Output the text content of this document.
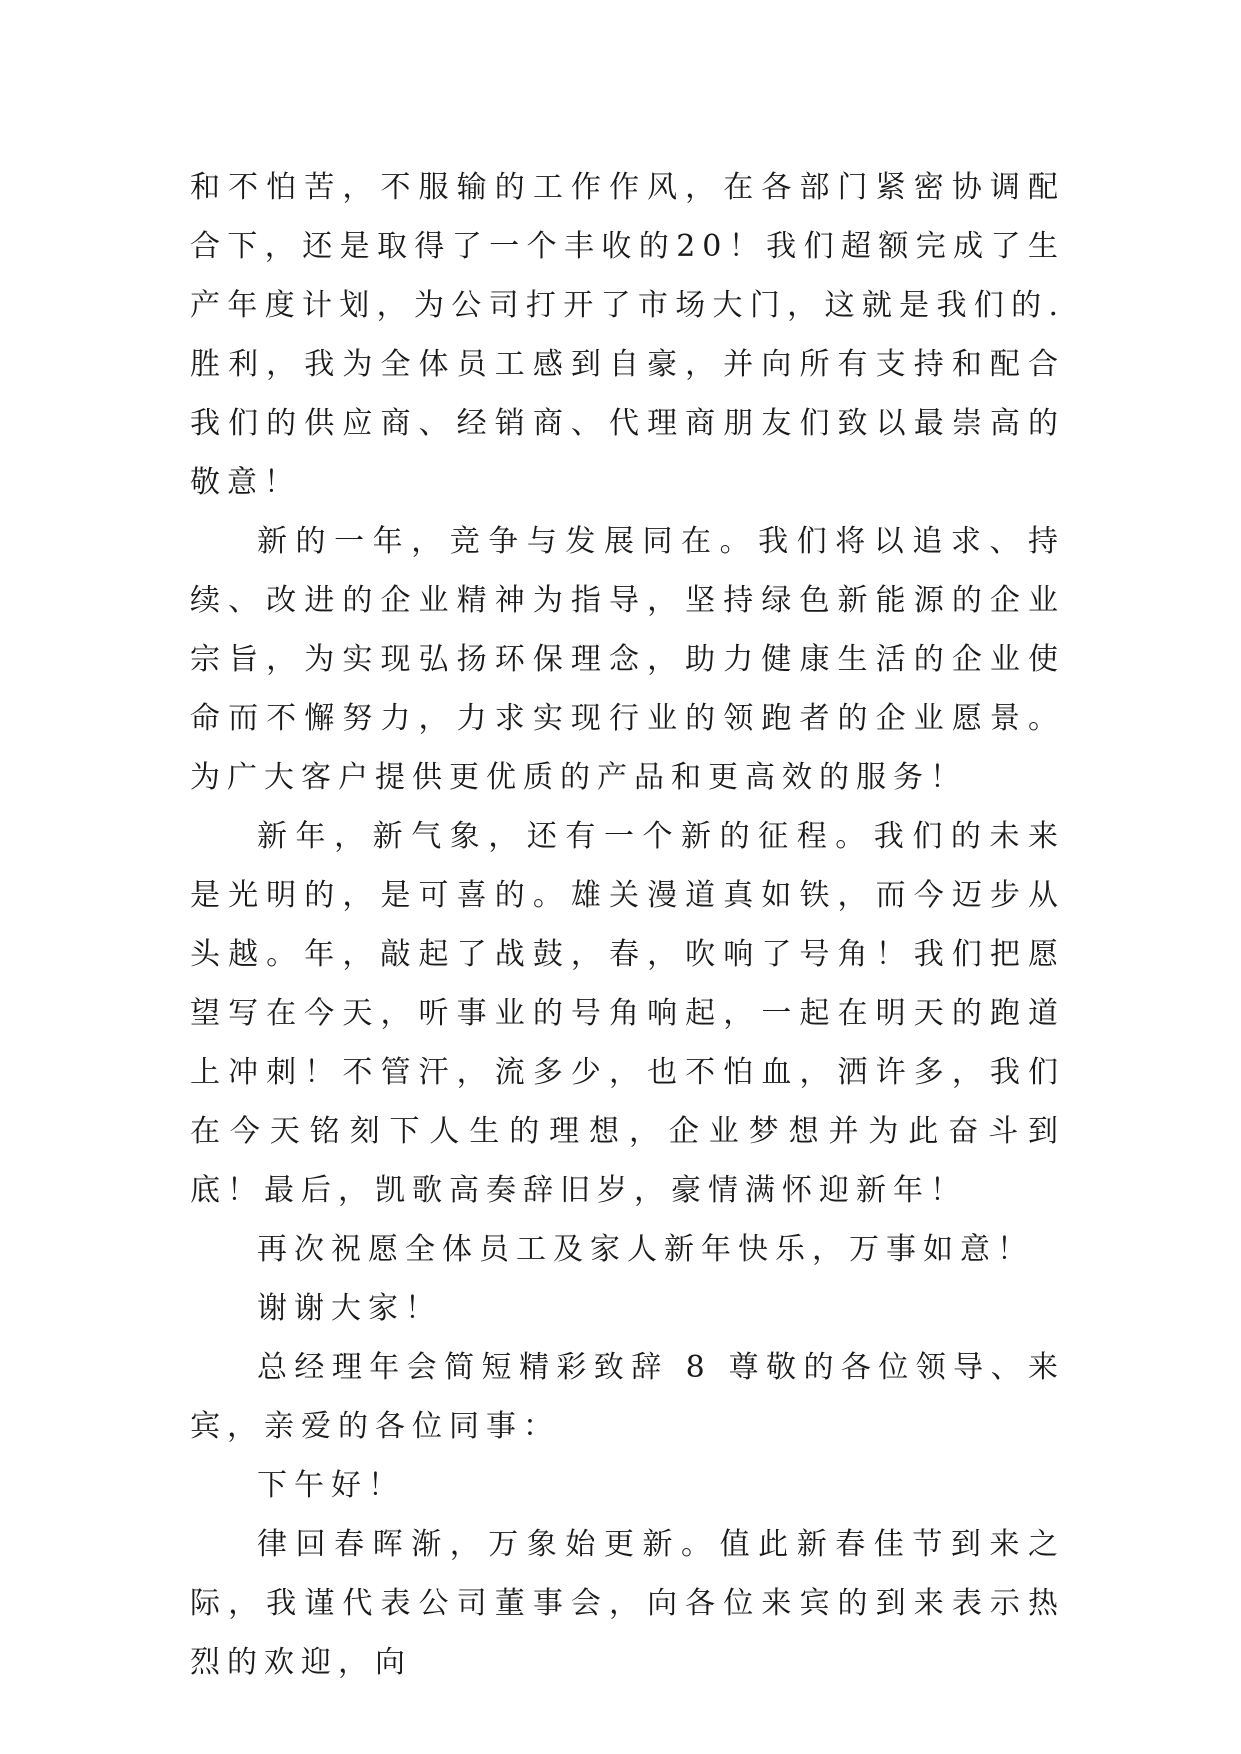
和不怕苦，不服输的工作作风，在各部门紧密协调配合下，还是取得了一个丰收的20！我们超额完成了生产年度计划，为公司打开了市场大门，这就是我们的.胜利，我为全体员工感到自豪，并向所有支持和配合我们的供应商、经销商、代理商朋友们致以最崇高的敬意！

新的一年，竞争与发展同在。我们将以追求、持续、改进的企业精神为指导，坚持绿色新能源的企业宗旨，为实现弘扬环保理念，助力健康生活的企业使命而不懈努力，力求实现行业的领跑者的企业愿景。为广大客户提供更优质的产品和更高效的服务！

新年，新气象，还有一个新的征程。我们的未来是光明的，是可喜的。雄关漫道真如铁，而今迈步从头越。年，敲起了战鼓，春，吹响了号角！我们把愿望写在今天，听事业的号角响起，一起在明天的跑道上冲刺！不管汗，流多少，也不怕血，洒许多，我们在今天铭刻下人生的理想，企业梦想并为此奋斗到底！最后，凯歌高奏辞旧岁，豪情满怀迎新年！

再次祝愿全体员工及家人新年快乐，万事如意！

谢谢大家！

总经理年会简短精彩致辞 8 尊敬的各位领导、来宾，亲爱的各位同事：

下午好！

律回春晖渐，万象始更新。值此新春佳节到来之际，我谨代表公司董事会，向各位来宾的到来表示热烈的欢迎，向
